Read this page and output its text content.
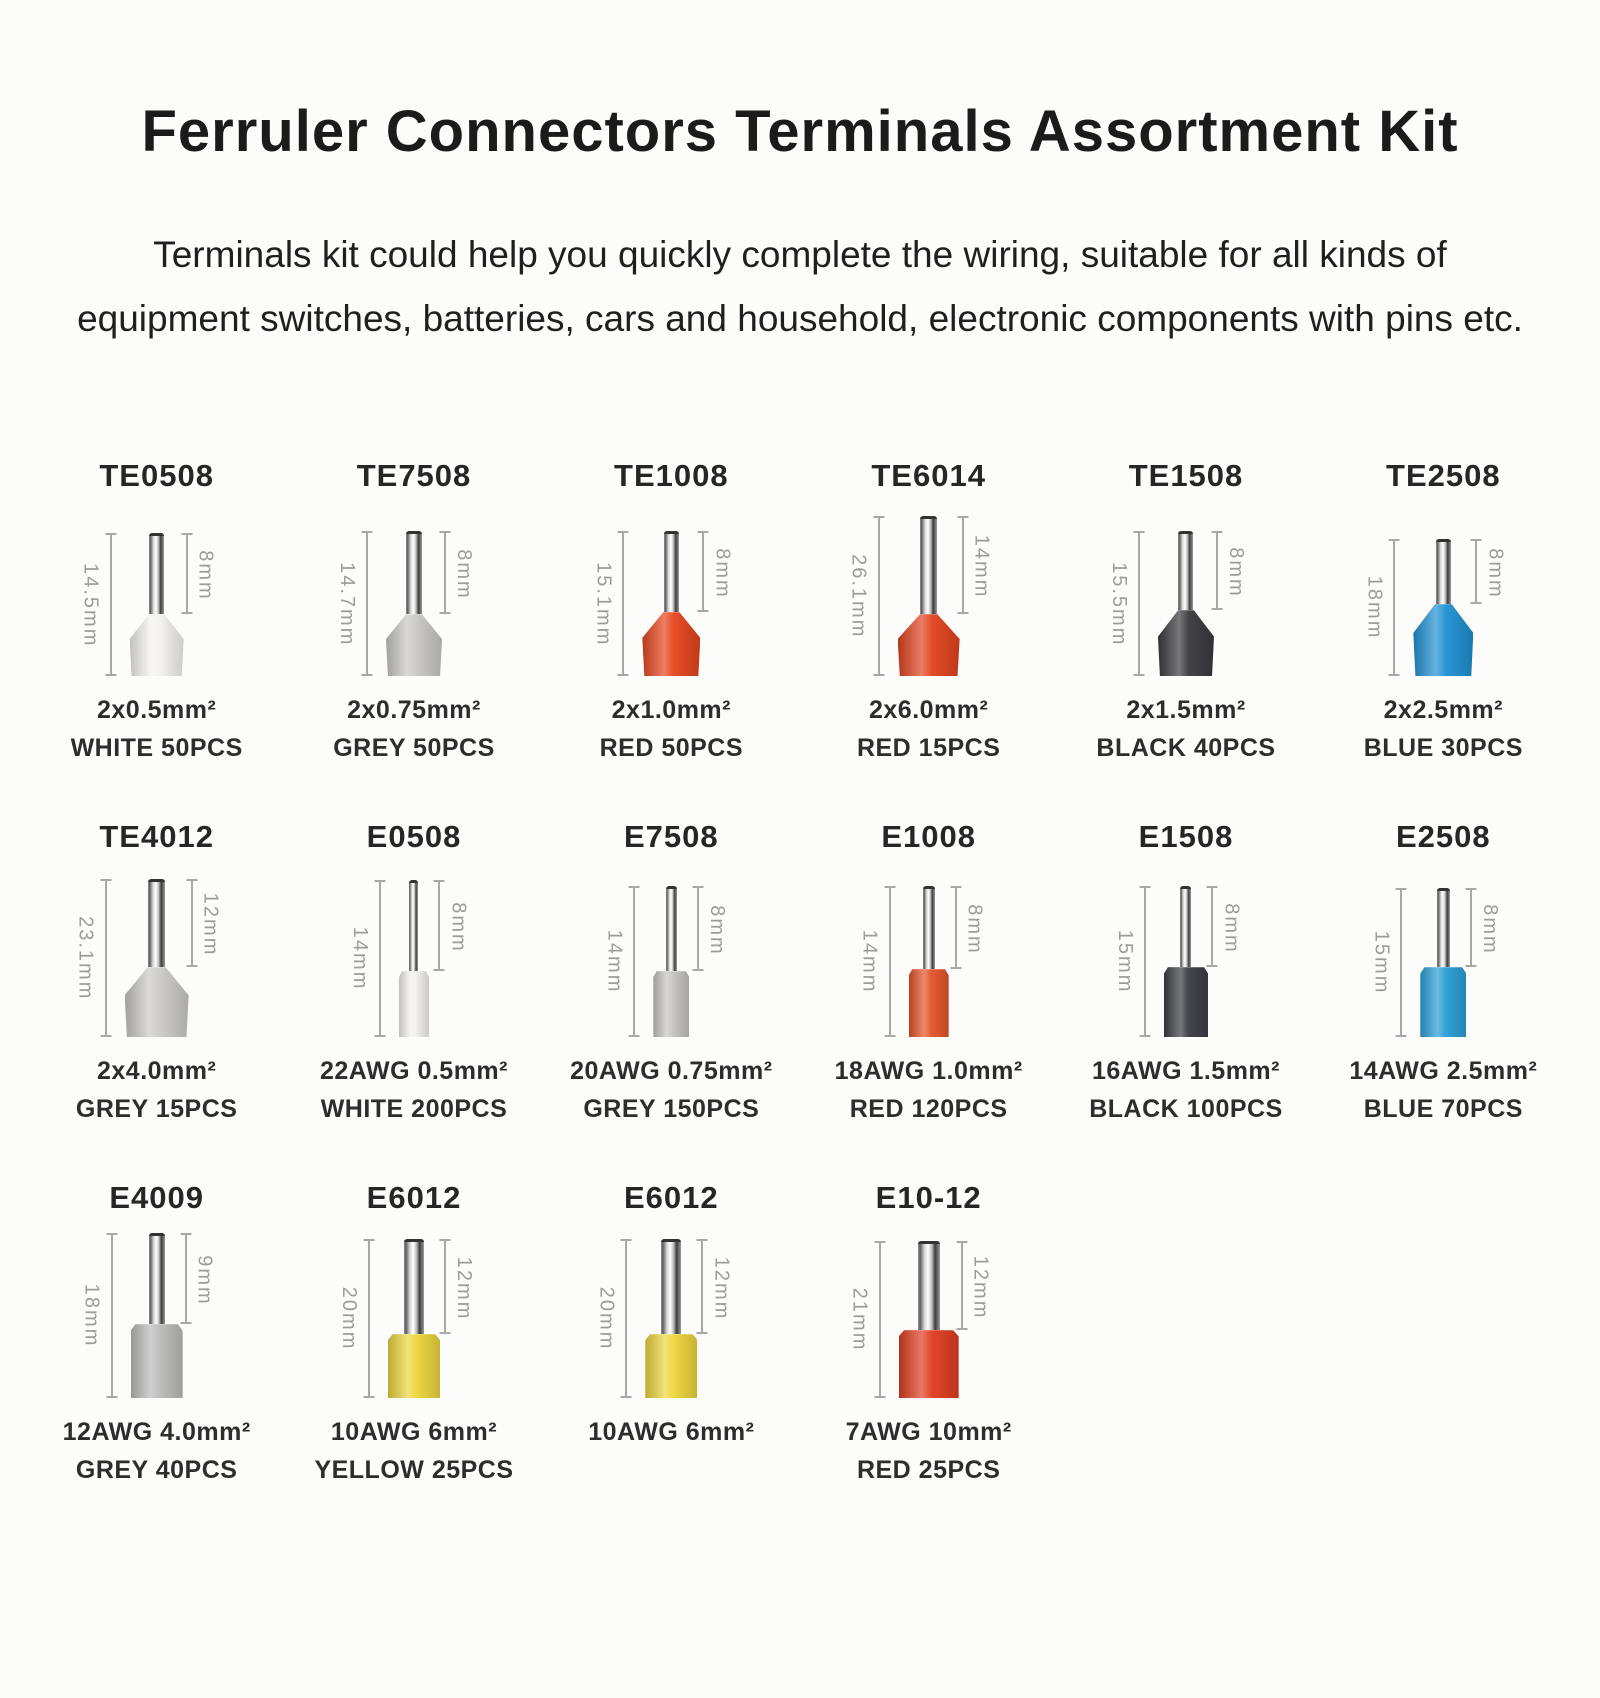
Ferruler Connectors Terminals Assortment Kit
Terminals kit could help you quickly complete the wiring, suitable for all kinds of
equipment switches, batteries, cars and household, electronic components with pins etc.
TE0508
14.5mm	8mm
2x0.5mm²
WHITE 50PCS
TE7508
14.7mm	8mm
2x0.75mm²
GREY 50PCS
TE1008
15.1mm	8mm
2x1.0mm²
RED 50PCS
TE6014
26.1mm	14mm
2x6.0mm²
RED 15PCS
TE1508
15.5mm	8mm
2x1.5mm²
BLACK 40PCS
TE2508
18mm
8mm
2x2.5mm²
BLUE 30PCS
TE4012
23.1mm	12mm
2x4.0mm²
GREY 15PCS
E0508
14mm	8mm
22AWG 0.5mm²
WHITE 200PCS
E7508
14mm	8mm
20AWG 0.75mm²
GREY 150PCS
E1008
14mm
8mm
18AWG 1.0mm²
RED 120PCS
E1508
15mm
8mm
16AWG 1.5mm²
BLACK 100PCS
E2508
15mm
8mm
14AWG 2.5mm²
BLUE 70PCS
E4009
18mm
9mm
12AWG 4.0mm²
GREY 40PCS
E6012
20mm	12mm
10AWG 6mm²
YELLOW 25PCS
E6012
20mm	12mm
10AWG 6mm²
E10-12
21mm
12mm
7AWG 10mm²
RED 25PCS
